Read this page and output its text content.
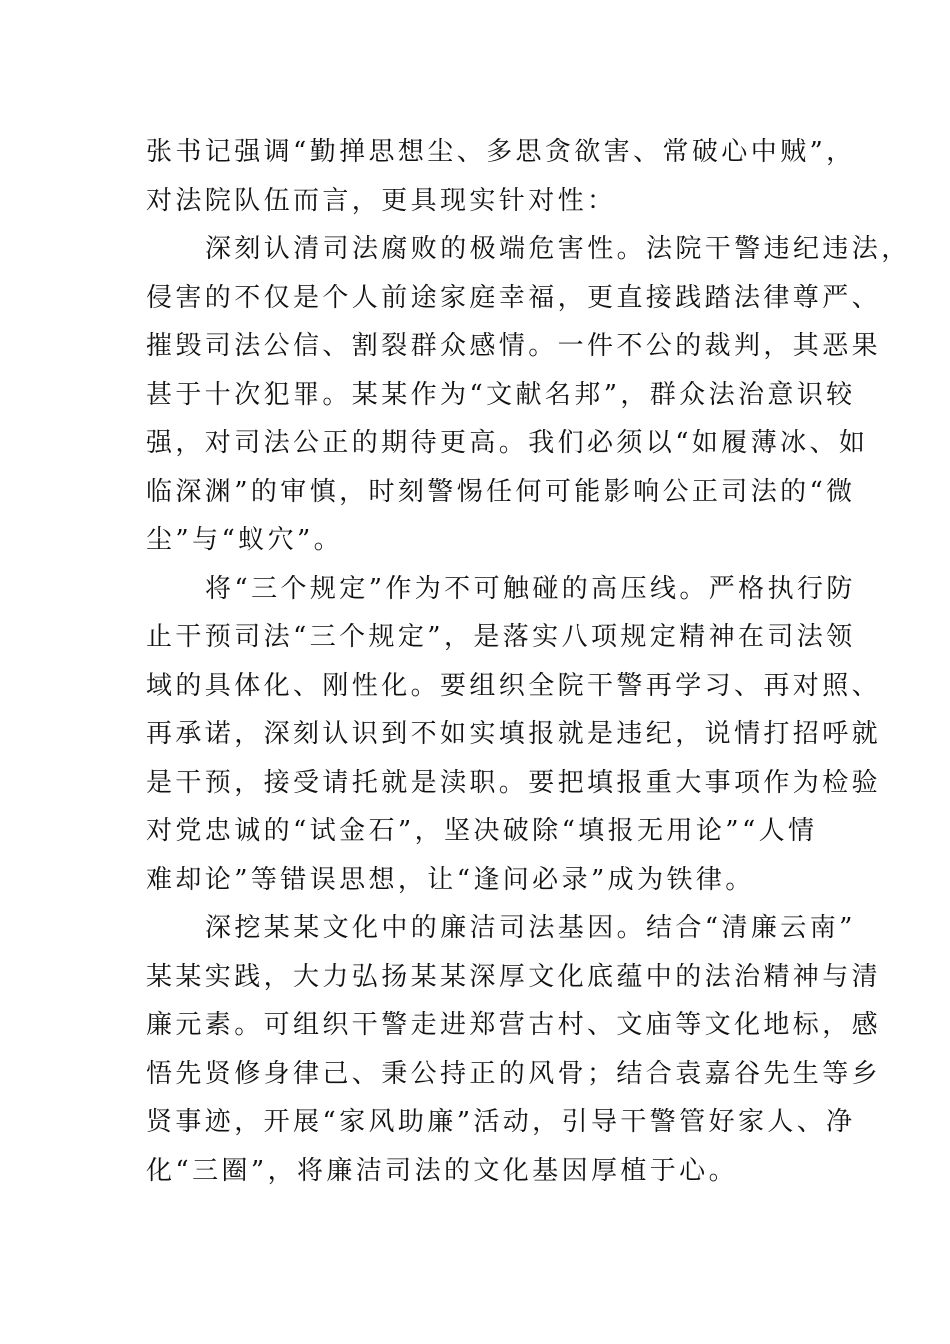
张书记强调“勤掸思想尘、多思贪欲害、常破心中贼”，
对法院队伍而言，更具现实针对性：

深刻认清司法腐败的极端危害性。法院干警违纪违法，
侵害的不仅是个人前途家庭幸福，更直接践踏法律尊严、
摧毁司法公信、割裂群众感情。一件不公的裁判，其恶果
甚于十次犯罪。某某作为“文献名邦”，群众法治意识较
强，对司法公正的期待更高。我们必须以“如履薄冰、如
临深渊”的审慎，时刻警惕任何可能影响公正司法的“微
尘”与“蚁穴”。

将“三个规定”作为不可触碰的高压线。严格执行防
止干预司法“三个规定”，是落实八项规定精神在司法领
域的具体化、刚性化。要组织全院干警再学习、再对照、
再承诺，深刻认识到不如实填报就是违纪，说情打招呼就
是干预，接受请托就是渎职。要把填报重大事项作为检验
对党忠诚的“试金石”，坚决破除“填报无用论”“人情
难却论”等错误思想，让“逢问必录”成为铁律。

深挖某某文化中的廉洁司法基因。结合“清廉云南”
某某实践，大力弘扬某某深厚文化底蕴中的法治精神与清
廉元素。可组织干警走进郑营古村、文庙等文化地标，感
悟先贤修身律己、秉公持正的风骨；结合袁嘉谷先生等乡
贤事迹，开展“家风助廉”活动，引导干警管好家人、净
化“三圈”，将廉洁司法的文化基因厚植于心。
